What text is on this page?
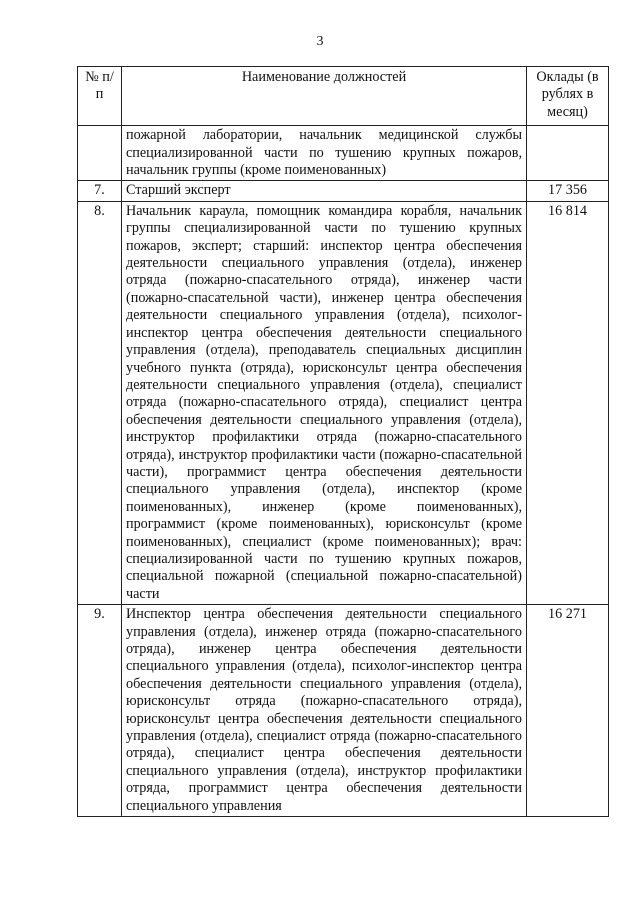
3
№ п/п	Наименование должностей	Оклады (в рублях в месяц)
	пожарной лаборатории, начальник медицинской службы специализированной части по тушению крупных пожаров, начальник группы (кроме поименованных)	
7.	Старший эксперт	17 356
8.	Начальник караула, помощник командира корабля, начальник группы специализированной части по тушению крупных пожаров, эксперт; старший: инспектор центра обеспечения деятельности специального управления (отдела), инженер отряда (пожарно-спасательного отряда), инженер части (пожарно-спасательной части), инженер центра обеспечения деятельности специального управления (отдела), психолог-инспектор центра обеспечения деятельности специального управления (отдела), преподаватель специальных дисциплин учебного пункта (отряда), юрисконсульт центра обеспечения деятельности специального управления (отдела), специалист отряда (пожарно-спасательного отряда), специалист центра обеспечения деятельности специального управления (отдела), инструктор профилактики отряда (пожарно-спасательного отряда), инструктор профилактики части (пожарно-спасательной части), программист центра обеспечения деятельности специального управления (отдела), инспектор (кроме поименованных), инженер (кроме поименованных), программист (кроме поименованных), юрисконсульт (кроме поименованных), специалист (кроме поименованных); врач: специализированной части по тушению крупных пожаров, специальной пожарной (специальной пожарно-спасательной) части	16 814
9.	Инспектор центра обеспечения деятельности специального управления (отдела), инженер отряда (пожарно-спасательного отряда), инженер центра обеспечения деятельности специального управления (отдела), психолог-инспектор центра обеспечения деятельности специального управления (отдела), юрисконсульт отряда (пожарно-спасательного отряда), юрисконсульт центра обеспечения деятельности специального управления (отдела), специалист отряда (пожарно-спасательного отряда), специалист центра обеспечения деятельности специального управления (отдела), инструктор профилактики отряда, программист центра обеспечения деятельности специального управления	16 271
